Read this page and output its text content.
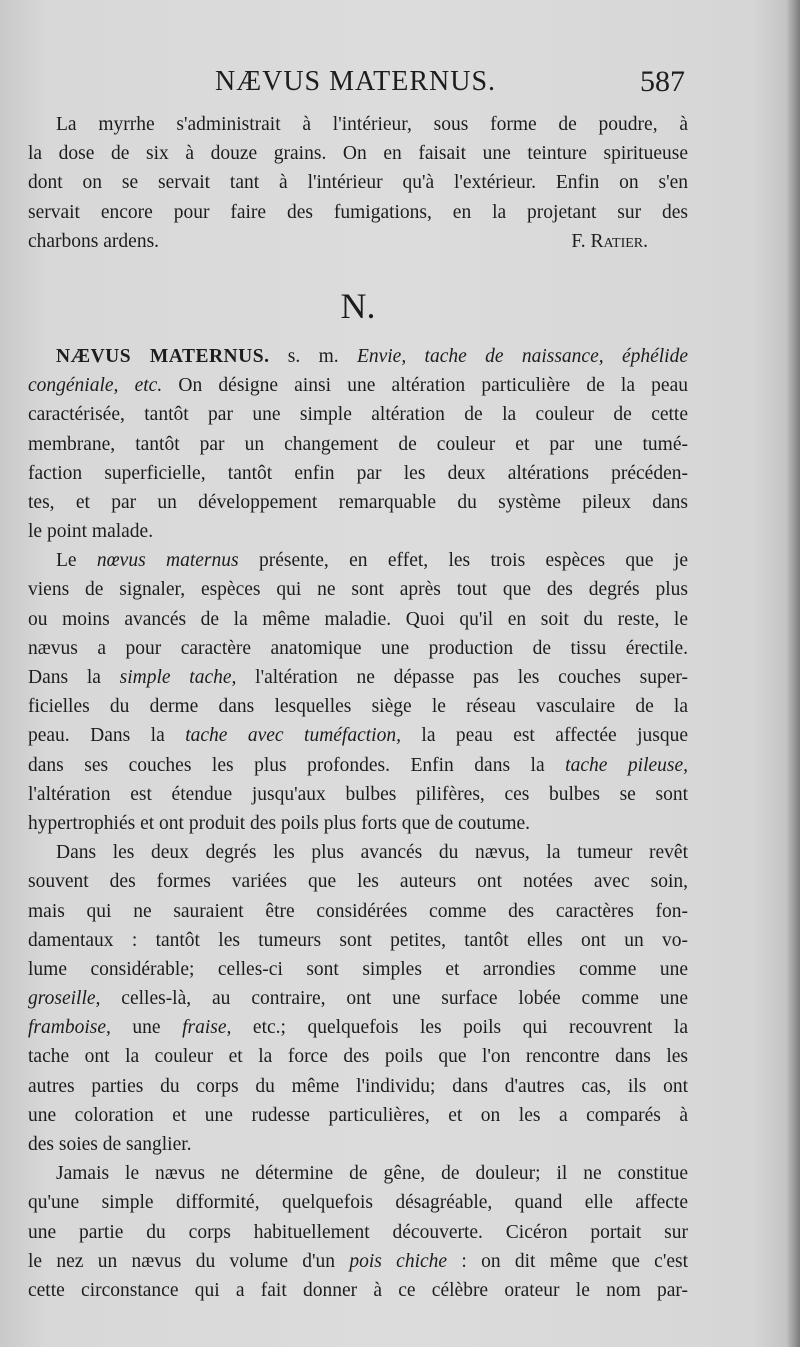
NÆVUS MATERNUS.	587
La myrrhe s'administrait à l'intérieur, sous forme de poudre, à
la dose de six à douze grains. On en faisait une teinture spiritueuse
dont on se servait tant à l'intérieur qu'à l'extérieur. Enfin on s'en
servait encore pour faire des fumigations, en la projetant sur des
charbons ardens.	F. Ratier.
N.
NÆVUS MATERNUS. s. m. Envie, tache de naissance, éphélide
congéniale, etc. On désigne ainsi une altération particulière de la peau
caractérisée, tantôt par une simple altération de la couleur de cette
membrane, tantôt par un changement de couleur et par une tumé-
faction superficielle, tantôt enfin par les deux altérations précéden-
tes, et par un développement remarquable du système pileux dans
le point malade.
Le nœvus maternus présente, en effet, les trois espèces que je
viens de signaler, espèces qui ne sont après tout que des degrés plus
ou moins avancés de la même maladie. Quoi qu'il en soit du reste, le
nævus a pour caractère anatomique une production de tissu érectile.
Dans la simple tache, l'altération ne dépasse pas les couches super-
ficielles du derme dans lesquelles siège le réseau vasculaire de la
peau. Dans la tache avec tuméfaction, la peau est affectée jusque
dans ses couches les plus profondes. Enfin dans la tache pileuse,
l'altération est étendue jusqu'aux bulbes pilifères, ces bulbes se sont
hypertrophiés et ont produit des poils plus forts que de coutume.
Dans les deux degrés les plus avancés du nævus, la tumeur revêt
souvent des formes variées que les auteurs ont notées avec soin,
mais qui ne sauraient être considérées comme des caractères fon-
damentaux : tantôt les tumeurs sont petites, tantôt elles ont un vo-
lume considérable; celles-ci sont simples et arrondies comme une
groseille, celles-là, au contraire, ont une surface lobée comme une
framboise, une fraise, etc.; quelquefois les poils qui recouvrent la
tache ont la couleur et la force des poils que l'on rencontre dans les
autres parties du corps du même l'individu; dans d'autres cas, ils ont
une coloration et une rudesse particulières, et on les a comparés à
des soies de sanglier.
Jamais le nævus ne détermine de gêne, de douleur; il ne constitue
qu'une simple difformité, quelquefois désagréable, quand elle affecte
une partie du corps habituellement découverte. Cicéron portait sur
le nez un nævus du volume d'un pois chiche : on dit même que c'est
cette circonstance qui a fait donner à ce célèbre orateur le nom par-
